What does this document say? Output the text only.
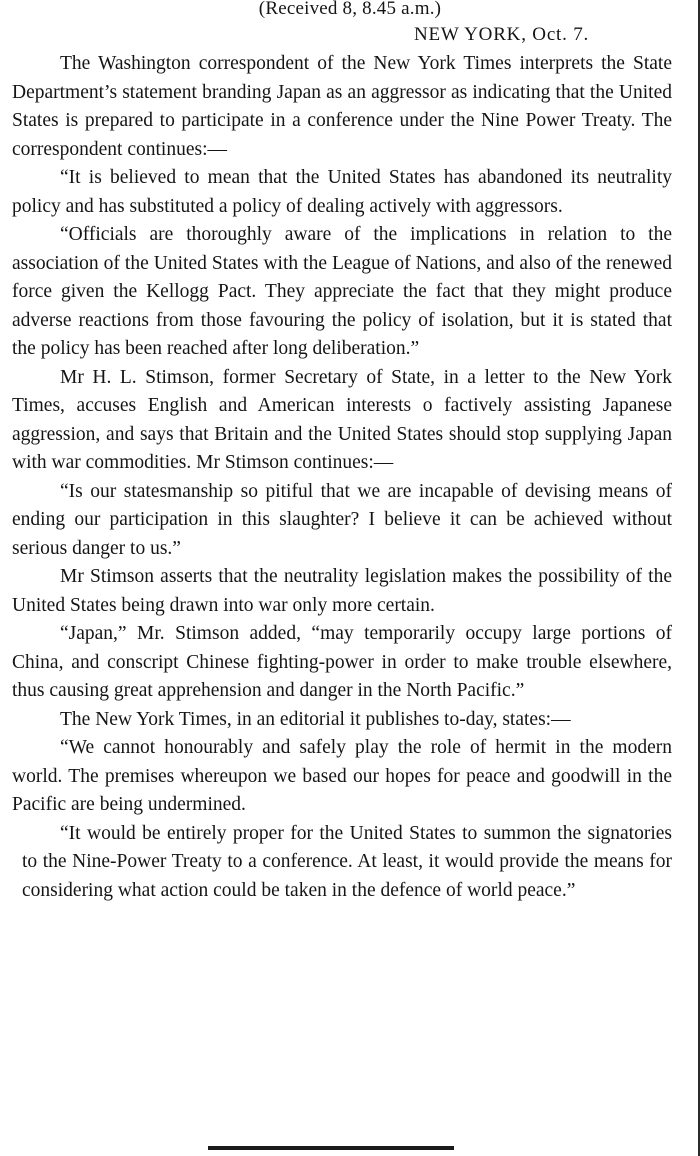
(Received 8, 8.45 a.m.)
NEW YORK, Oct. 7.

The Washington correspondent of the New York Times interprets the State Department’s statement branding Japan as an aggressor as indicating that the United States is prepared to participate in a conference under the Nine Power Treaty. The correspondent continues:—

“It is believed to mean that the United States has abandoned its neutrality policy and has substituted a policy of dealing actively with aggressors.

“Officials are thoroughly aware of the implications in relation to the association of the United States with the League of Nations, and also of the renewed force given the Kellogg Pact. They appreciate the fact that they might produce adverse reactions from those favouring the policy of isolation, but it is stated that the policy has been reached after long deliberation.”

Mr H. L. Stimson, former Secretary of State, in a letter to the New York Times, accuses English and American interests o factively assisting Japanese aggression, and says that Britain and the United States should stop supplying Japan with war commodities. Mr Stimson continues:—

“Is our statesmanship so pitiful that we are incapable of devising means of ending our participation in this slaughter? I believe it can be achieved without serious danger to us.”

Mr Stimson asserts that the neutrality legislation makes the possibility of the United States being drawn into war only more certain.

“Japan,” Mr. Stimson added, “may temporarily occupy large portions of China, and conscript Chinese fighting-power in order to make trouble elsewhere, thus causing great apprehension and danger in the North Pacific.”

The New York Times, in an editorial it publishes to-day, states:—

“We cannot honourably and safely play the role of hermit in the modern world. The premises whereupon we based our hopes for peace and goodwill in the Pacific are being undermined.

“It would be entirely proper for the United States to summon the signatories to the Nine-Power Treaty to a conference. At least, it would provide the means for considering what action could be taken in the defence of world peace.”
